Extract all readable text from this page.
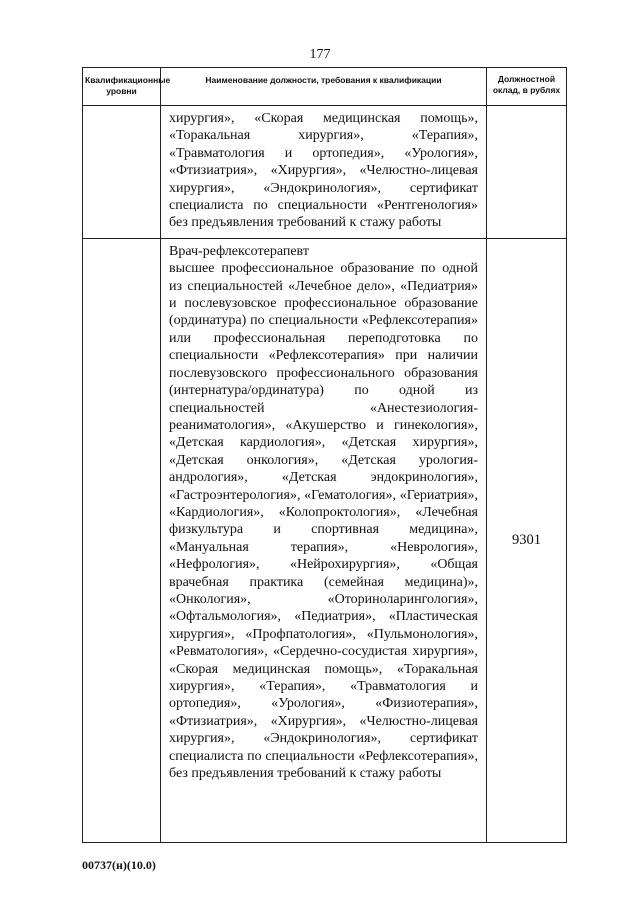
177
Квалификационные уровни	Наименование должности, требования к квалификации	Должностной оклад, в рублях

	хирургия», «Скорая медицинская помощь», «Торакальная хирургия», «Терапия», «Травматология и ортопедия», «Урология», «Фтизиатрия», «Хирургия», «Челюстно-лицевая хирургия», «Эндокринология», сертификат специалиста по специальности «Рентгенология» без предъявления требований к стажу работы	

	Врач-рефлексотерапевт
высшее профессиональное образование по одной из специальностей «Лечебное дело», «Педиатрия» и послевузовское профессиональное образование (ординатура) по специальности «Рефлексотерапия» или профессиональная переподготовка по специальности «Рефлексотерапия» при наличии послевузовского профессионального образования (интернатура/ординатура) по одной из специальностей «Анестезиология-реаниматология», «Акушерство и гинекология», «Детская кардиология», «Детская хирургия», «Детская онкология», «Детская урология-андрология», «Детская эндокринология», «Гастроэнтерология», «Гематология», «Гериатрия», «Кардиология», «Колопроктология», «Лечебная физкультура и спортивная медицина», «Мануальная терапия», «Неврология», «Нефрология», «Нейрохирургия», «Общая врачебная практика (семейная медицина)», «Онкология», «Оториноларингология», «Офтальмология», «Педиатрия», «Пластическая хирургия», «Профпатология», «Пульмонология», «Ревматология», «Сердечно-сосудистая хирургия», «Скорая медицинская помощь», «Торакальная хирургия», «Терапия», «Травматология и ортопедия», «Урология», «Физиотерапия», «Фтизиатрия», «Хирургия», «Челюстно-лицевая хирургия», «Эндокринология», сертификат специалиста по специальности «Рефлексотерапия», без предъявления требований к стажу работы	9301
00737(н)(10.0)
